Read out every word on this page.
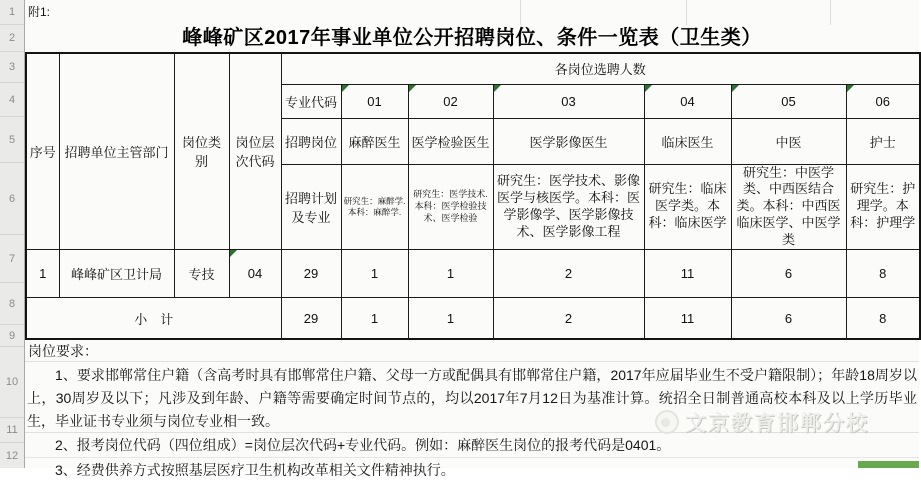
1
2
3
4
5
6
7
8
9
10
11
12
附1:
峰峰矿区2017年事业单位公开招聘岗位、条件一览表（卫生类）
序号	招聘单位主管部门	岗位类别	岗位层次代码	各岗位选聘人数						
				专业代码	01	02	03	04	05	06
				招聘岗位	麻醉医生	医学检验医生	医学影像医生	临床医生	中医	护士
				招聘计划及专业	研究生：麻醉学.本科：麻醉学.	研究生：医学技术.本科：医学检验技术、医学检验	研究生：医学技术、影像医学与核医学。本科：医学影像学、医学影像技术、医学影像工程	研究生：临床医学类。本科：临床医学	研究生：中医学类、中西医结合类。本科：中西医临床医学、中医学类	研究生：护理学。本科：护理学
1	峰峰矿区卫计局	专技	04	29	1	1	2	11	6	8
小　计				29	1	1	2	11	6	8
岗位要求：
1、要求邯郸常住户籍（含高考时具有邯郸常住户籍、父母一方或配偶具有邯郸常住户籍，2017年应届毕业生不受户籍限制）；年龄18周岁以上，30周岁及以下；凡涉及到年龄、户籍等需要确定时间节点的，均以2017年7月12日为基准计算。统招全日制普通高校本科及以上学历毕业生，毕业证书专业须与岗位专业相一致。
2、报考岗位代码（四位组成）=岗位层次代码+专业代码。例如：麻醉医生岗位的报考代码是0401。
3、经费供养方式按照基层医疗卫生机构改革相关文件精神执行。
文京教育邯郸分校
